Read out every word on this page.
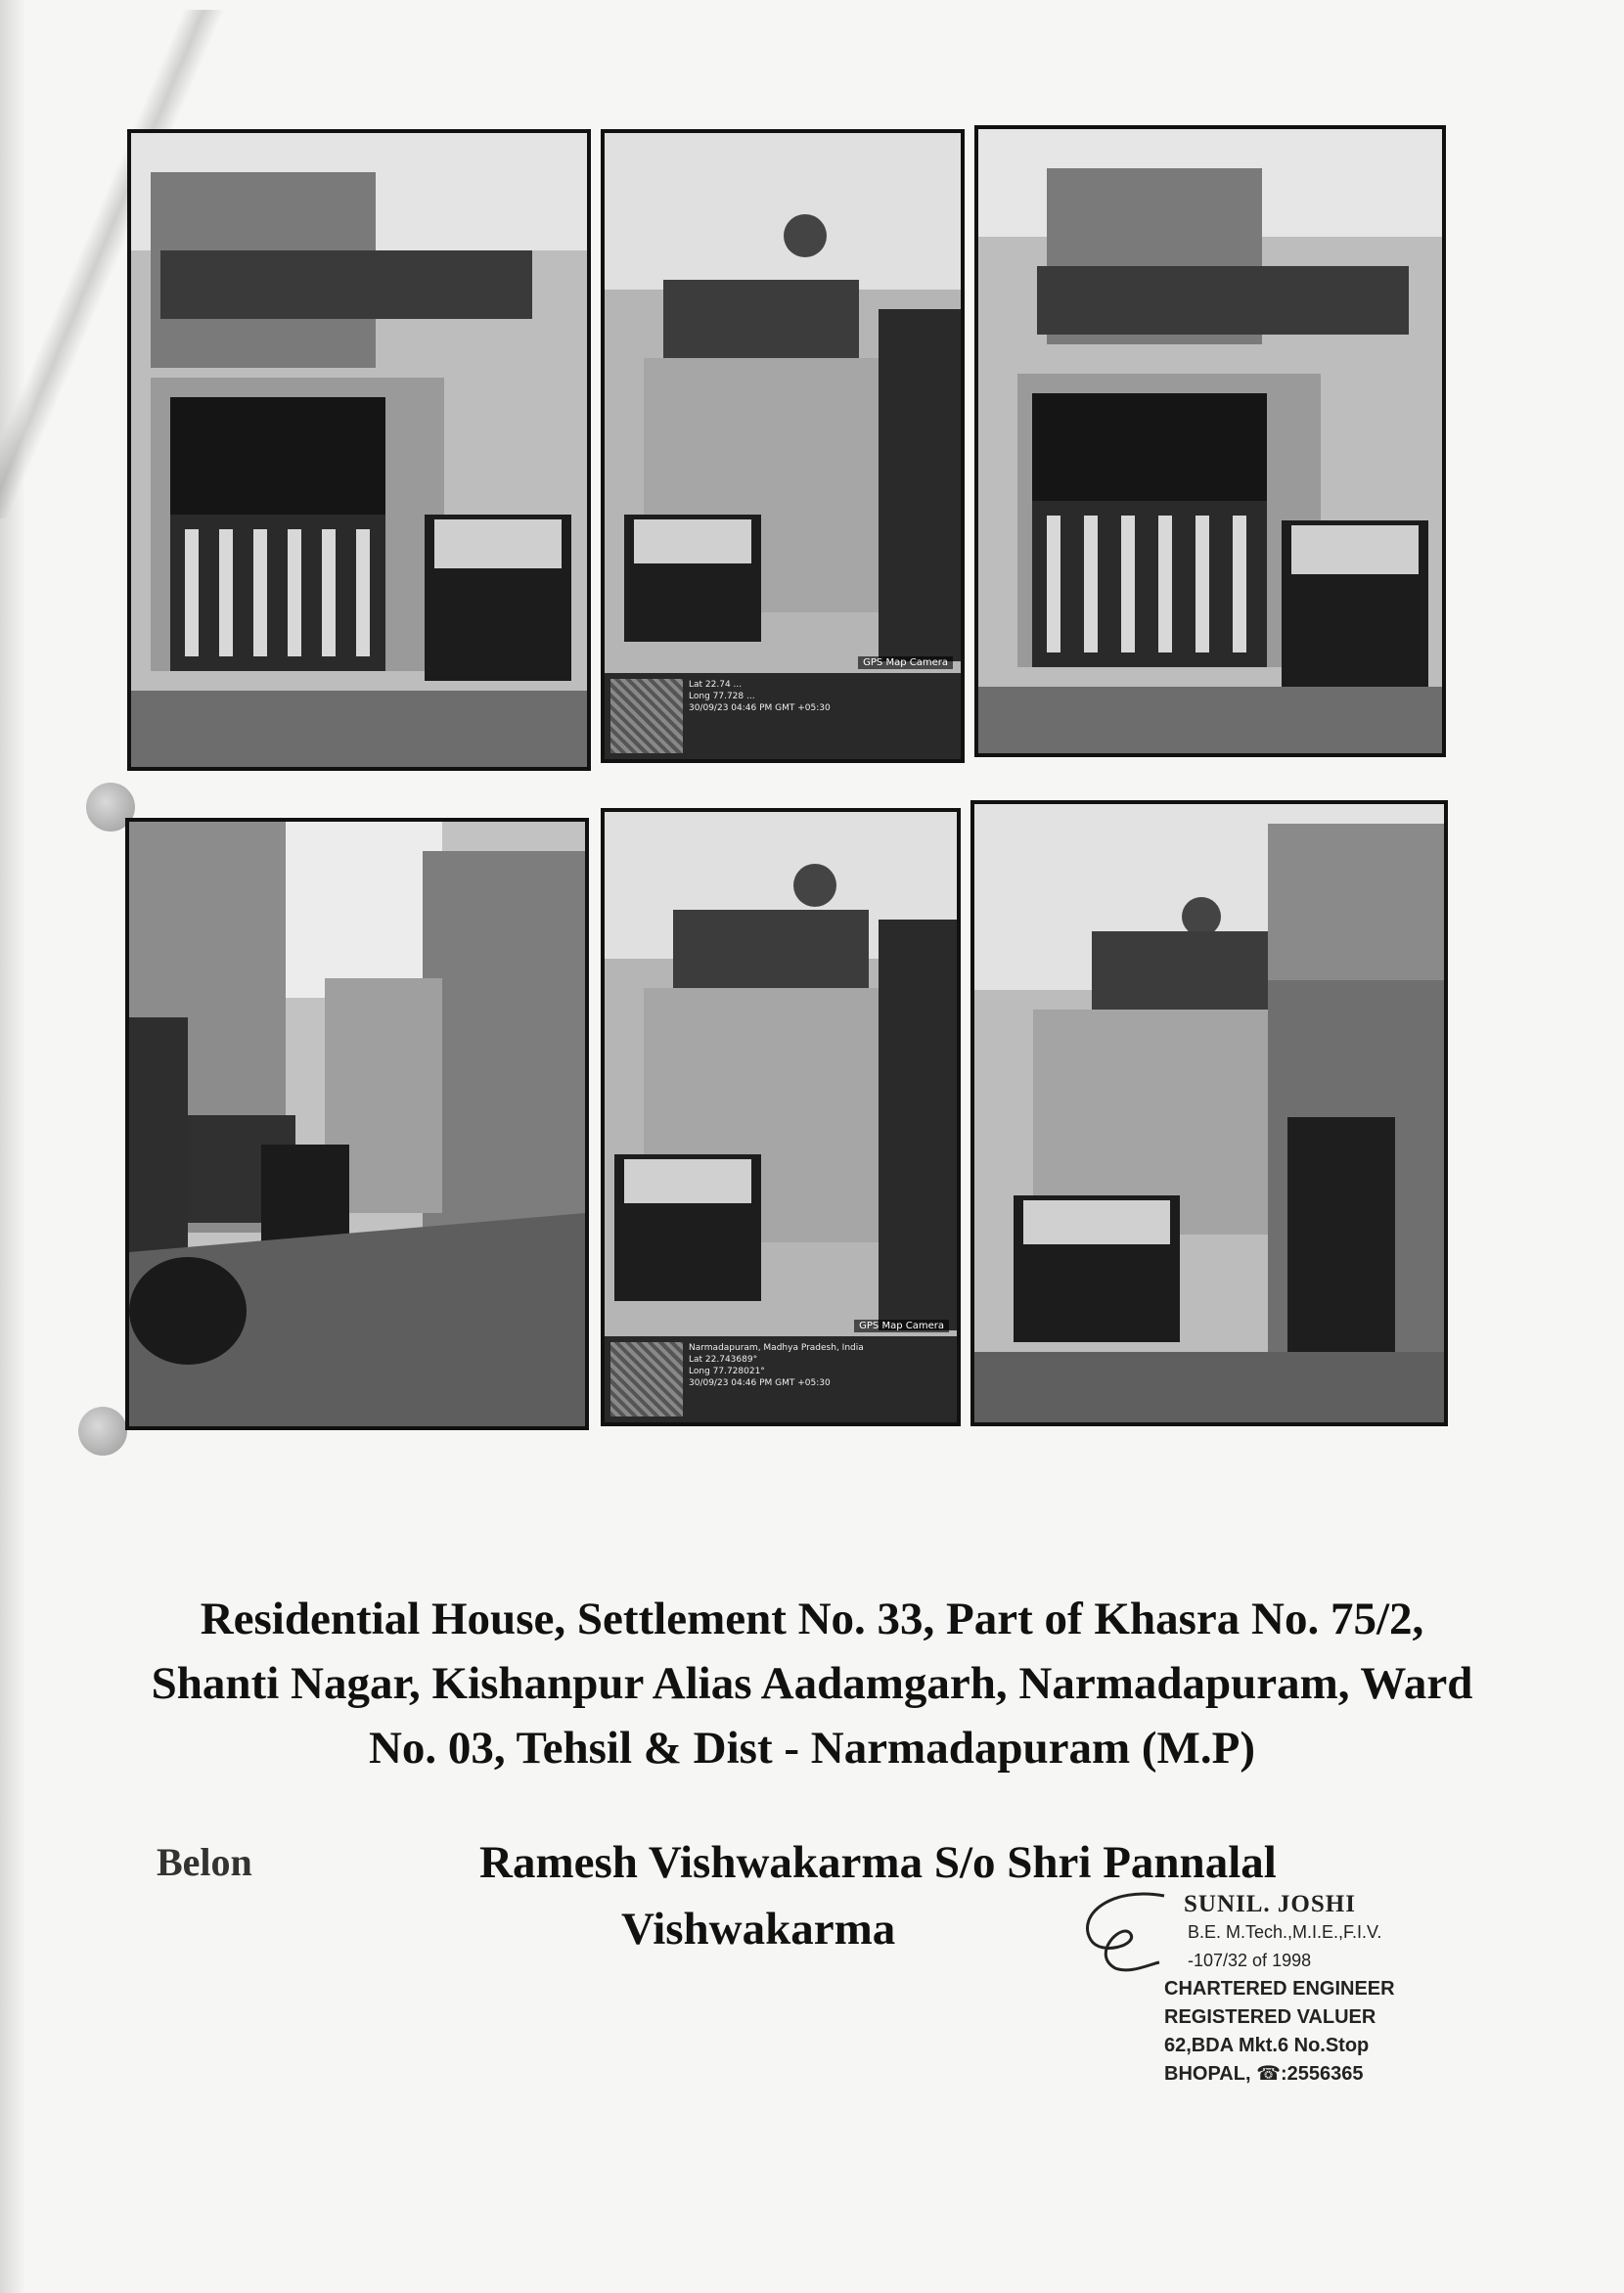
GPS Map Camera
Lat 22.74 ...
Long 77.728 ...
30/09/23 04:46 PM GMT +05:30
GPS Map Camera
Narmadapuram, Madhya Pradesh, India
Lat 22.743689°
Long 77.728021°
30/09/23 04:46 PM GMT +05:30
Residential House, Settlement No. 33, Part of Khasra No. 75/2,
Shanti Nagar, Kishanpur Alias Aadamgarh, Narmadapuram, Ward
No. 03, Tehsil & Dist - Narmadapuram (M.P)
Belon	Ramesh Vishwakarma S/o Shri Pannalal
Vishwakarma	SUNIL. JOSHI
B.E. M.Tech.,M.I.E.,F.I.V.
-107/32 of 1998
CHARTERED ENGINEER
REGISTERED VALUER
62,BDA Mkt.6 No.Stop
BHOPAL, ☎:2556365
